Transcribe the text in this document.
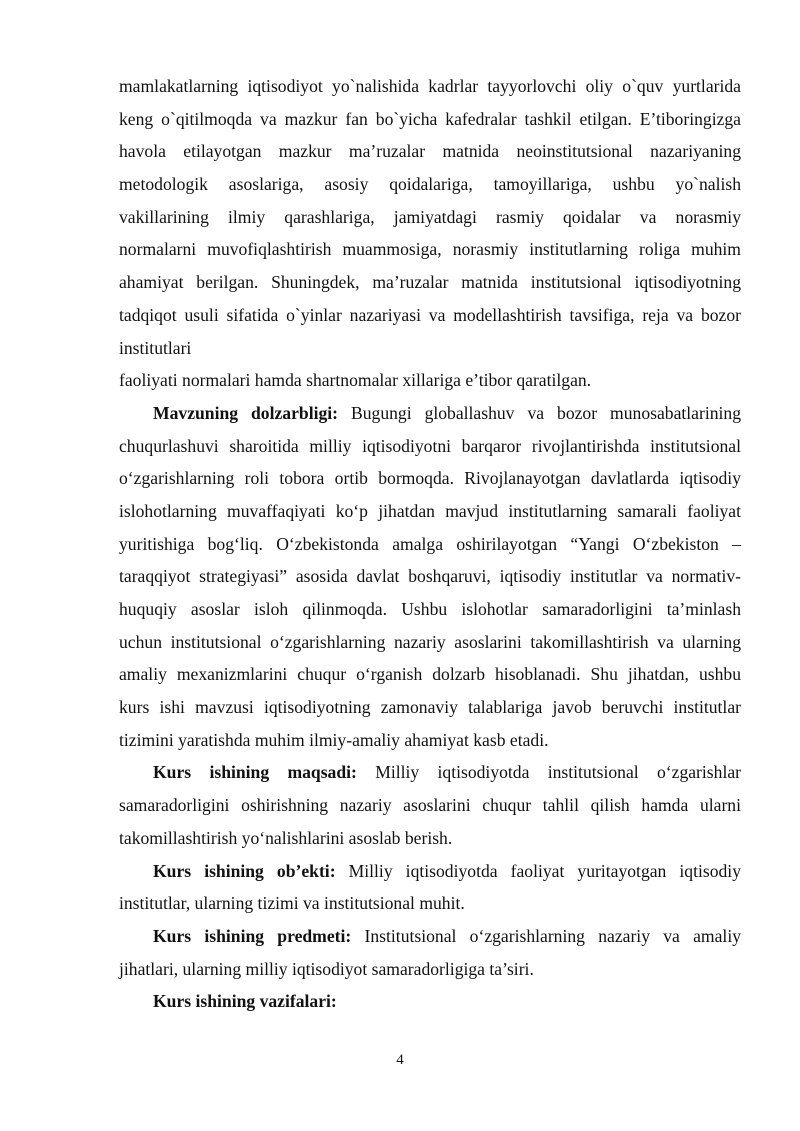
mamlakatlarning iqtisodiyot yo`nalishida kadrlar tayyorlovchi oliy o`quv yurtlarida
keng o`qitilmoqda va mazkur fan bo`yicha kafedralar tashkil etilgan. E’tiboringizga
havola etilayotgan mazkur ma’ruzalar matnida neoinstitutsional nazariyaning
metodologik asoslariga, asosiy qoidalariga, tamoyillariga, ushbu yo`nalish
vakillarining ilmiy qarashlariga, jamiyatdagi rasmiy qoidalar va norasmiy
normalarni muvofiqlashtirish muammosiga, norasmiy institutlarning roliga muhim
ahamiyat berilgan. Shuningdek, ma’ruzalar matnida institutsional iqtisodiyotning
tadqiqot usuli sifatida o`yinlar nazariyasi va modellashtirish tavsifiga, reja va bozor
institutlari
faoliyati normalari hamda shartnomalar xillariga e’tibor qaratilgan.
Mavzuning dolzarbligi: Bugungi globallashuv va bozor munosabatlarining
chuqurlashuvi sharoitida milliy iqtisodiyotni barqaror rivojlantirishda institutsional
o‘zgarishlarning roli tobora ortib bormoqda. Rivojlanayotgan davlatlarda iqtisodiy
islohotlarning muvaffaqiyati ko‘p jihatdan mavjud institutlarning samarali faoliyat
yuritishiga bog‘liq. O‘zbekistonda amalga oshirilayotgan “Yangi O‘zbekiston –
taraqqiyot strategiyasi” asosida davlat boshqaruvi, iqtisodiy institutlar va normativ-
huquqiy asoslar isloh qilinmoqda. Ushbu islohotlar samaradorligini ta’minlash
uchun institutsional o‘zgarishlarning nazariy asoslarini takomillashtirish va ularning
amaliy mexanizmlarini chuqur o‘rganish dolzarb hisoblanadi. Shu jihatdan, ushbu
kurs ishi mavzusi iqtisodiyotning zamonaviy talablariga javob beruvchi institutlar
tizimini yaratishda muhim ilmiy-amaliy ahamiyat kasb etadi.
Kurs ishining maqsadi: Milliy iqtisodiyotda institutsional o‘zgarishlar
samaradorligini oshirishning nazariy asoslarini chuqur tahlil qilish hamda ularni
takomillashtirish yo‘nalishlarini asoslab berish.
Kurs ishining ob’ekti: Milliy iqtisodiyotda faoliyat yuritayotgan iqtisodiy
institutlar, ularning tizimi va institutsional muhit.
Kurs ishining predmeti: Institutsional o‘zgarishlarning nazariy va amaliy
jihatlari, ularning milliy iqtisodiyot samaradorligiga ta’siri.
Kurs ishining vazifalari:
4
